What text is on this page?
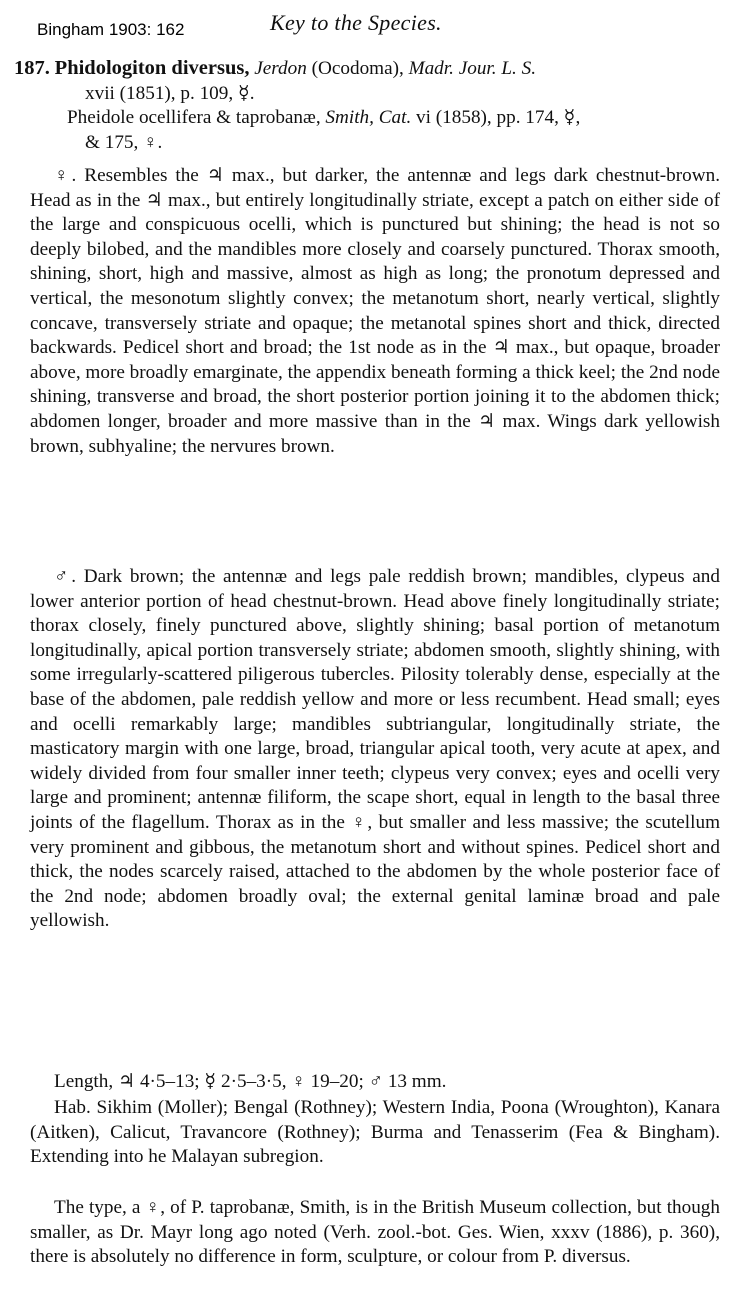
Bingham 1903: 162	Key to the Species.
187. Phidologiton diversus, Jerdon (Ocodoma), Madr. Jour. L. S.
xvii (1851), p. 109, ☿.
Pheidole ocellifera & taprobanæ, Smith, Cat. vi (1858), pp. 174, ☿,
& 175, ♀.

♀. Resembles the ♃ max., but darker, the antennæ and legs dark chestnut-brown. Head as in the ♃ max., but entirely longitudinally striate, except a patch on either side of the large and conspicuous ocelli, which is punctured but shining; the head is not so deeply bilobed, and the mandibles more closely and coarsely punctured. Thorax smooth, shining, short, high and massive, almost as high as long; the pronotum depressed and vertical, the mesonotum slightly convex; the metanotum short, nearly vertical, slightly concave, transversely striate and opaque; the metanotal spines short and thick, directed backwards. Pedicel short and broad; the 1st node as in the ♃ max., but opaque, broader above, more broadly emarginate, the appendix beneath forming a thick keel; the 2nd node shining, transverse and broad, the short posterior portion joining it to the abdomen thick; abdomen longer, broader and more massive than in the ♃ max. Wings dark yellowish brown, subhyaline; the nervures brown.

♂. Dark brown; the antennæ and legs pale reddish brown; mandibles, clypeus and lower anterior portion of head chestnut-brown. Head above finely longitudinally striate; thorax closely, finely punctured above, slightly shining; basal portion of metanotum longitudinally, apical portion transversely striate; abdomen smooth, slightly shining, with some irregularly-scattered piligerous tubercles. Pilosity tolerably dense, especially at the base of the abdomen, pale reddish yellow and more or less recumbent. Head small; eyes and ocelli remarkably large; mandibles subtriangular, longitudinally striate, the masticatory margin with one large, broad, triangular apical tooth, very acute at apex, and widely divided from four smaller inner teeth; clypeus very convex; eyes and ocelli very large and prominent; antennæ filiform, the scape short, equal in length to the basal three joints of the flagellum. Thorax as in the ♀, but smaller and less massive; the scutellum very prominent and gibbous, the metanotum short and without spines. Pedicel short and thick, the nodes scarcely raised, attached to the abdomen by the whole posterior face of the 2nd node; abdomen broadly oval; the external genital laminæ broad and pale yellowish.

Length, ♃ 4·5–13; ☿ 2·5–3·5, ♀ 19–20; ♂ 13 mm.

Hab. Sikhim (Moller); Bengal (Rothney); Western India, Poona (Wroughton), Kanara (Aitken), Calicut, Travancore (Rothney); Burma and Tenasserim (Fea & Bingham). Extending into he Malayan subregion.

The type, a ♀, of P. taprobanæ, Smith, is in the British Museum collection, but though smaller, as Dr. Mayr long ago noted (Verh. zool.-bot. Ges. Wien, xxxv (1886), p. 360), there is absolutely no difference in form, sculpture, or colour from P. diversus.
